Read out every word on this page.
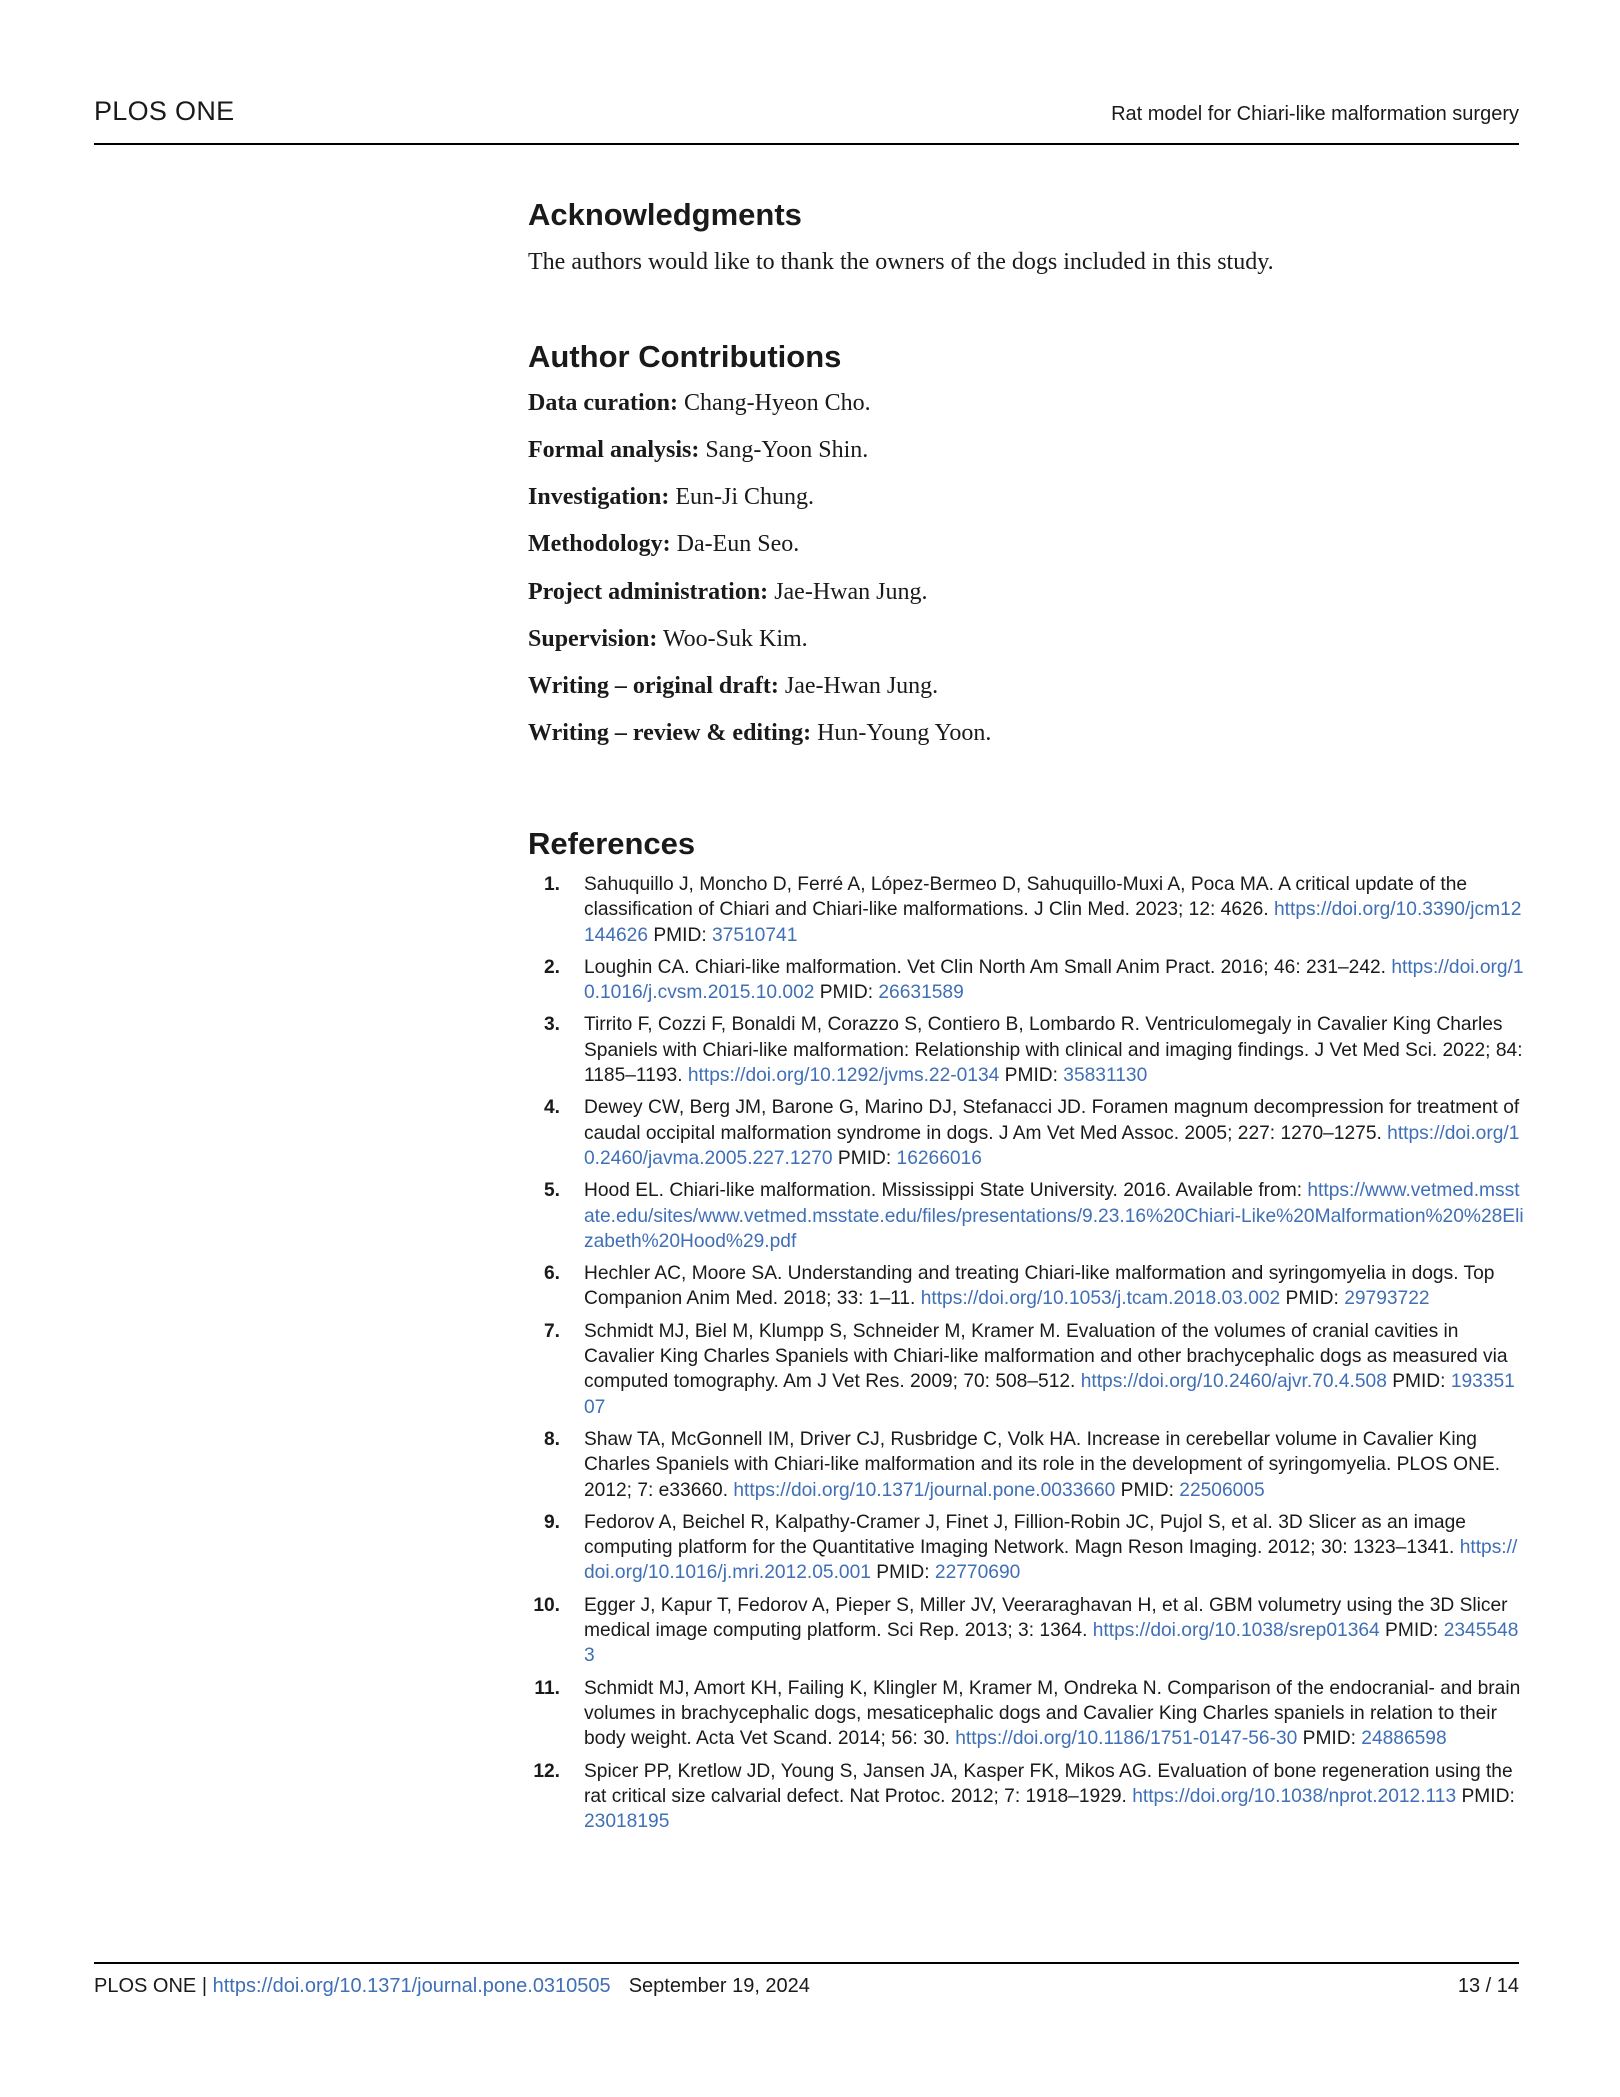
PLOS ONE	Rat model for Chiari-like malformation surgery
Acknowledgments
The authors would like to thank the owners of the dogs included in this study.
Author Contributions
Data curation: Chang-Hyeon Cho.
Formal analysis: Sang-Yoon Shin.
Investigation: Eun-Ji Chung.
Methodology: Da-Eun Seo.
Project administration: Jae-Hwan Jung.
Supervision: Woo-Suk Kim.
Writing – original draft: Jae-Hwan Jung.
Writing – review & editing: Hun-Young Yoon.
References
1. Sahuquillo J, Moncho D, Ferré A, López-Bermeo D, Sahuquillo-Muxi A, Poca MA. A critical update of the classification of Chiari and Chiari-like malformations. J Clin Med. 2023; 12: 4626. https://doi.org/10.3390/jcm12144626 PMID: 37510741
2. Loughin CA. Chiari-like malformation. Vet Clin North Am Small Anim Pract. 2016; 46: 231–242. https://doi.org/10.1016/j.cvsm.2015.10.002 PMID: 26631589
3. Tirrito F, Cozzi F, Bonaldi M, Corazzo S, Contiero B, Lombardo R. Ventriculomegaly in Cavalier King Charles Spaniels with Chiari-like malformation: Relationship with clinical and imaging findings. J Vet Med Sci. 2022; 84: 1185–1193. https://doi.org/10.1292/jvms.22-0134 PMID: 35831130
4. Dewey CW, Berg JM, Barone G, Marino DJ, Stefanacci JD. Foramen magnum decompression for treatment of caudal occipital malformation syndrome in dogs. J Am Vet Med Assoc. 2005; 227: 1270–1275. https://doi.org/10.2460/javma.2005.227.1270 PMID: 16266016
5. Hood EL. Chiari-like malformation. Mississippi State University. 2016. Available from: https://www.vetmed.msstate.edu/sites/www.vetmed.msstate.edu/files/presentations/9.23.16%20Chiari-Like%20Malformation%20%28Elizabeth%20Hood%29.pdf
6. Hechler AC, Moore SA. Understanding and treating Chiari-like malformation and syringomyelia in dogs. Top Companion Anim Med. 2018; 33: 1–11. https://doi.org/10.1053/j.tcam.2018.03.002 PMID: 29793722
7. Schmidt MJ, Biel M, Klumpp S, Schneider M, Kramer M. Evaluation of the volumes of cranial cavities in Cavalier King Charles Spaniels with Chiari-like malformation and other brachycephalic dogs as measured via computed tomography. Am J Vet Res. 2009; 70: 508–512. https://doi.org/10.2460/ajvr.70.4.508 PMID: 19335107
8. Shaw TA, McGonnell IM, Driver CJ, Rusbridge C, Volk HA. Increase in cerebellar volume in Cavalier King Charles Spaniels with Chiari-like malformation and its role in the development of syringomyelia. PLOS ONE. 2012; 7: e33660. https://doi.org/10.1371/journal.pone.0033660 PMID: 22506005
9. Fedorov A, Beichel R, Kalpathy-Cramer J, Finet J, Fillion-Robin JC, Pujol S, et al. 3D Slicer as an image computing platform for the Quantitative Imaging Network. Magn Reson Imaging. 2012; 30: 1323–1341. https://doi.org/10.1016/j.mri.2012.05.001 PMID: 22770690
10. Egger J, Kapur T, Fedorov A, Pieper S, Miller JV, Veeraraghavan H, et al. GBM volumetry using the 3D Slicer medical image computing platform. Sci Rep. 2013; 3: 1364. https://doi.org/10.1038/srep01364 PMID: 23455483
11. Schmidt MJ, Amort KH, Failing K, Klingler M, Kramer M, Ondreka N. Comparison of the endocranial- and brain volumes in brachycephalic dogs, mesaticephalic dogs and Cavalier King Charles spaniels in relation to their body weight. Acta Vet Scand. 2014; 56: 30. https://doi.org/10.1186/1751-0147-56-30 PMID: 24886598
12. Spicer PP, Kretlow JD, Young S, Jansen JA, Kasper FK, Mikos AG. Evaluation of bone regeneration using the rat critical size calvarial defect. Nat Protoc. 2012; 7: 1918–1929. https://doi.org/10.1038/nprot.2012.113 PMID: 23018195
PLOS ONE | https://doi.org/10.1371/journal.pone.0310505 September 19, 2024	13 / 14
